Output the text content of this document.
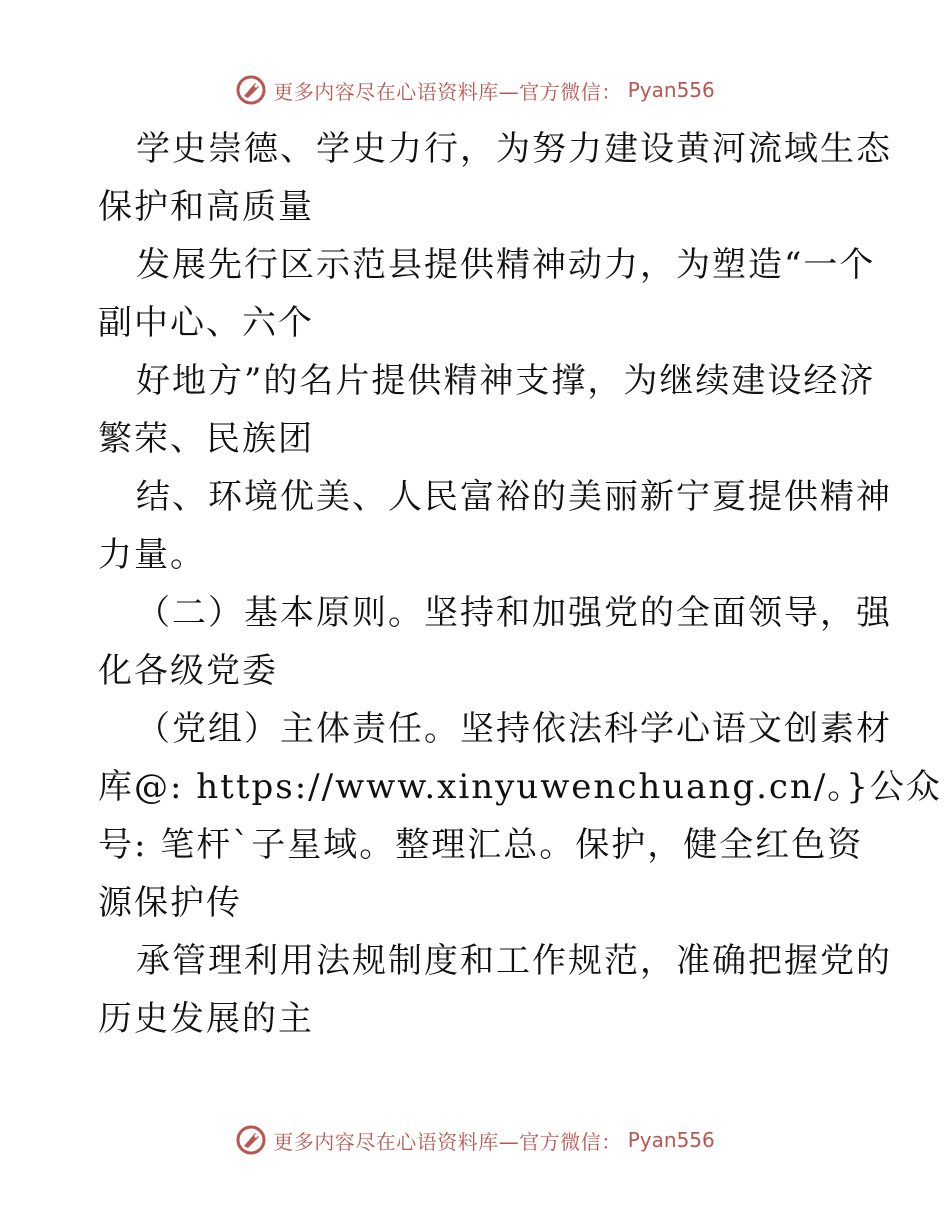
更多内容尽在心语资料库—官方微信： Pyan556
学史崇德、学史力行，为努力建设黄河流域生态
保护和高质量
发展先行区示范县提供精神动力，为塑造“一个
副中心、六个
好地方”的名片提供精神支撑，为继续建设经济
繁荣、民族团
结、环境优美、人民富裕的美丽新宁夏提供精神
力量。
（二）基本原则。坚持和加强党的全面领导，强
化各级党委
（党组）主体责任。坚持依法科学心语文创素材
库@: https://www.xinyuwenchuang.cn/。}公众
号: 笔杆`子星域。整理汇总。保护，健全红色资
源保护传
承管理利用法规制度和工作规范，准确把握党的
历史发展的主
更多内容尽在心语资料库—官方微信： Pyan556
